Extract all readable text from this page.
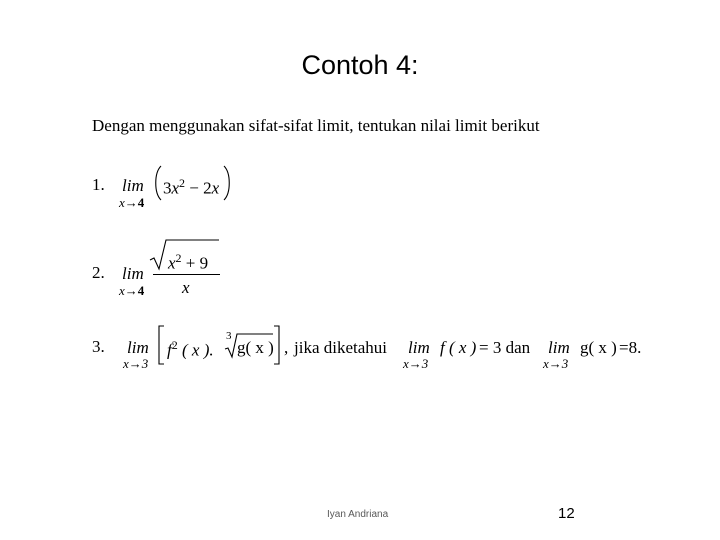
Contoh 4:
Dengan menggunakan sifat-sifat limit, tentukan nilai limit berikut
1. lim
x→4
$3x^2 - 2x$
2. lim
x→4
$x^2 + 9$
x
3. lim
x→3
$f^2$ ( x ).
3
g( x ) , jika diketahui lim
x→3
f ( x ) = 3 dan lim
x→3
g( x ) =8.
Iyan Andriana	12
